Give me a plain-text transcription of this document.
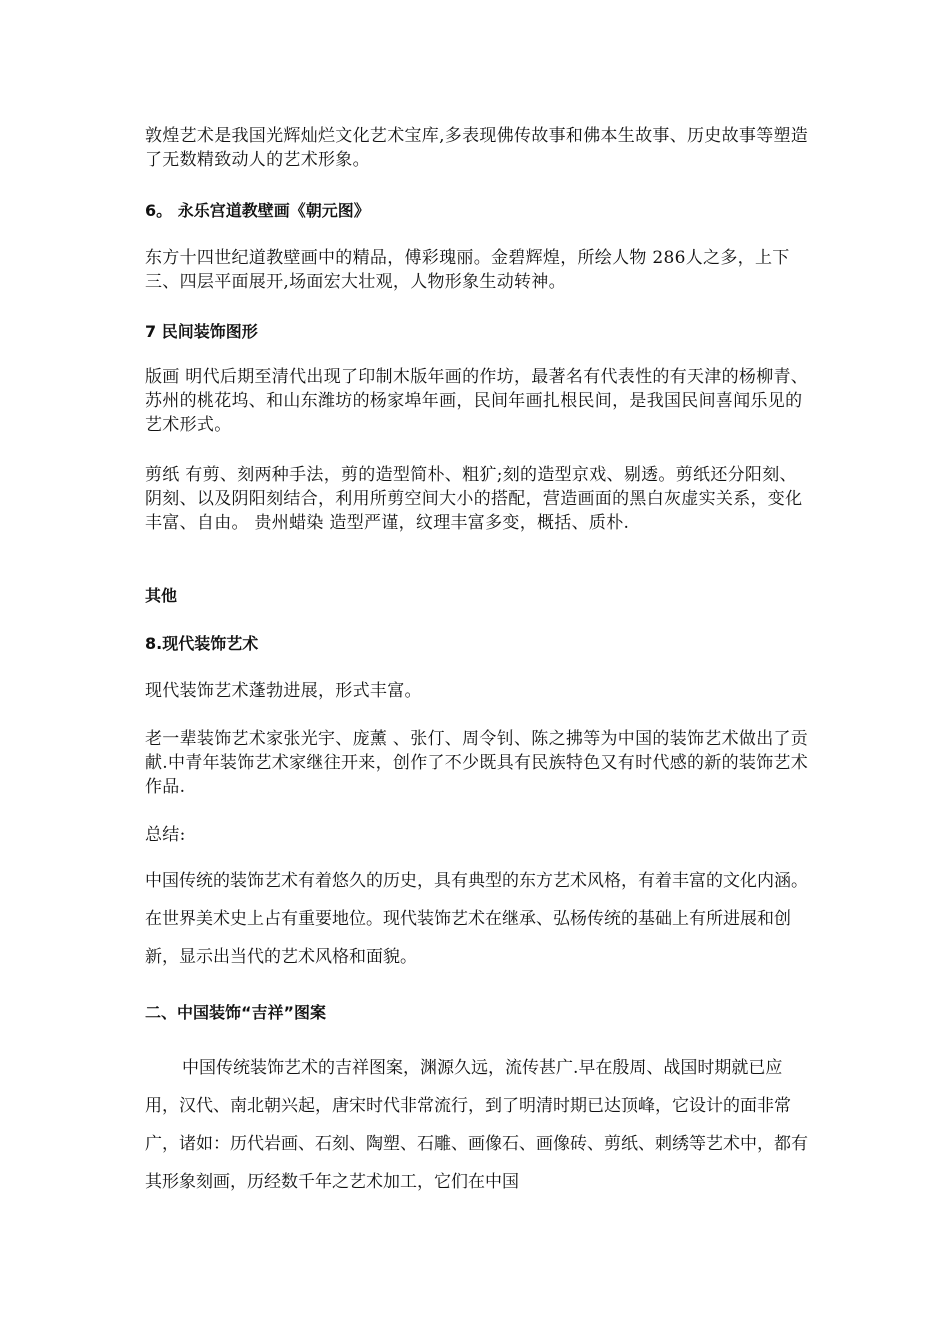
敦煌艺术是我国光辉灿烂文化艺术宝库,多表现佛传故事和佛本生故事、历史故事等塑造了无数精致动人的艺术形象。

6。 永乐宫道教壁画《朝元图》

东方十四世纪道教壁画中的精品，傅彩瑰丽。金碧辉煌，所绘人物 286人之多，上下三、四层平面展开,场面宏大壮观，人物形象生动转神。

7 民间装饰图形

版画 明代后期至清代出现了印制木版年画的作坊，最著名有代表性的有天津的杨柳青、苏州的桃花坞、和山东潍坊的杨家埠年画，民间年画扎根民间，是我国民间喜闻乐见的艺术形式。

剪纸 有剪、刻两种手法，剪的造型简朴、粗犷;刻的造型京戏、剔透。剪纸还分阳刻、阴刻、以及阴阳刻结合，利用所剪空间大小的搭配，营造画面的黑白灰虚实关系，变化丰富、自由。 贵州蜡染 造型严谨，纹理丰富多变，概括、质朴.

其他
8.现代装饰艺术

现代装饰艺术蓬勃进展，形式丰富。

老一辈装饰艺术家张光宇、庞薰 、张仃、周令钊、陈之拂等为中国的装饰艺术做出了贡献.中青年装饰艺术家继往开来，创作了不少既具有民族特色又有时代感的新的装饰艺术作品.

总结:

中国传统的装饰艺术有着悠久的历史，具有典型的东方艺术风格，有着丰富的文化内涵。在世界美术史上占有重要地位。现代装饰艺术在继承、弘杨传统的基础上有所进展和创新，显示出当代的艺术风格和面貌。

二、中国装饰“吉祥”图案

中国传统装饰艺术的吉祥图案，渊源久远，流传甚广.早在殷周、战国时期就已应用，汉代、南北朝兴起，唐宋时代非常流行，到了明清时期已达顶峰，它设计的面非常广，诸如：历代岩画、石刻、陶塑、石雕、画像石、画像砖、剪纸、刺绣等艺术中，都有其形象刻画，历经数千年之艺术加工，它们在中国
